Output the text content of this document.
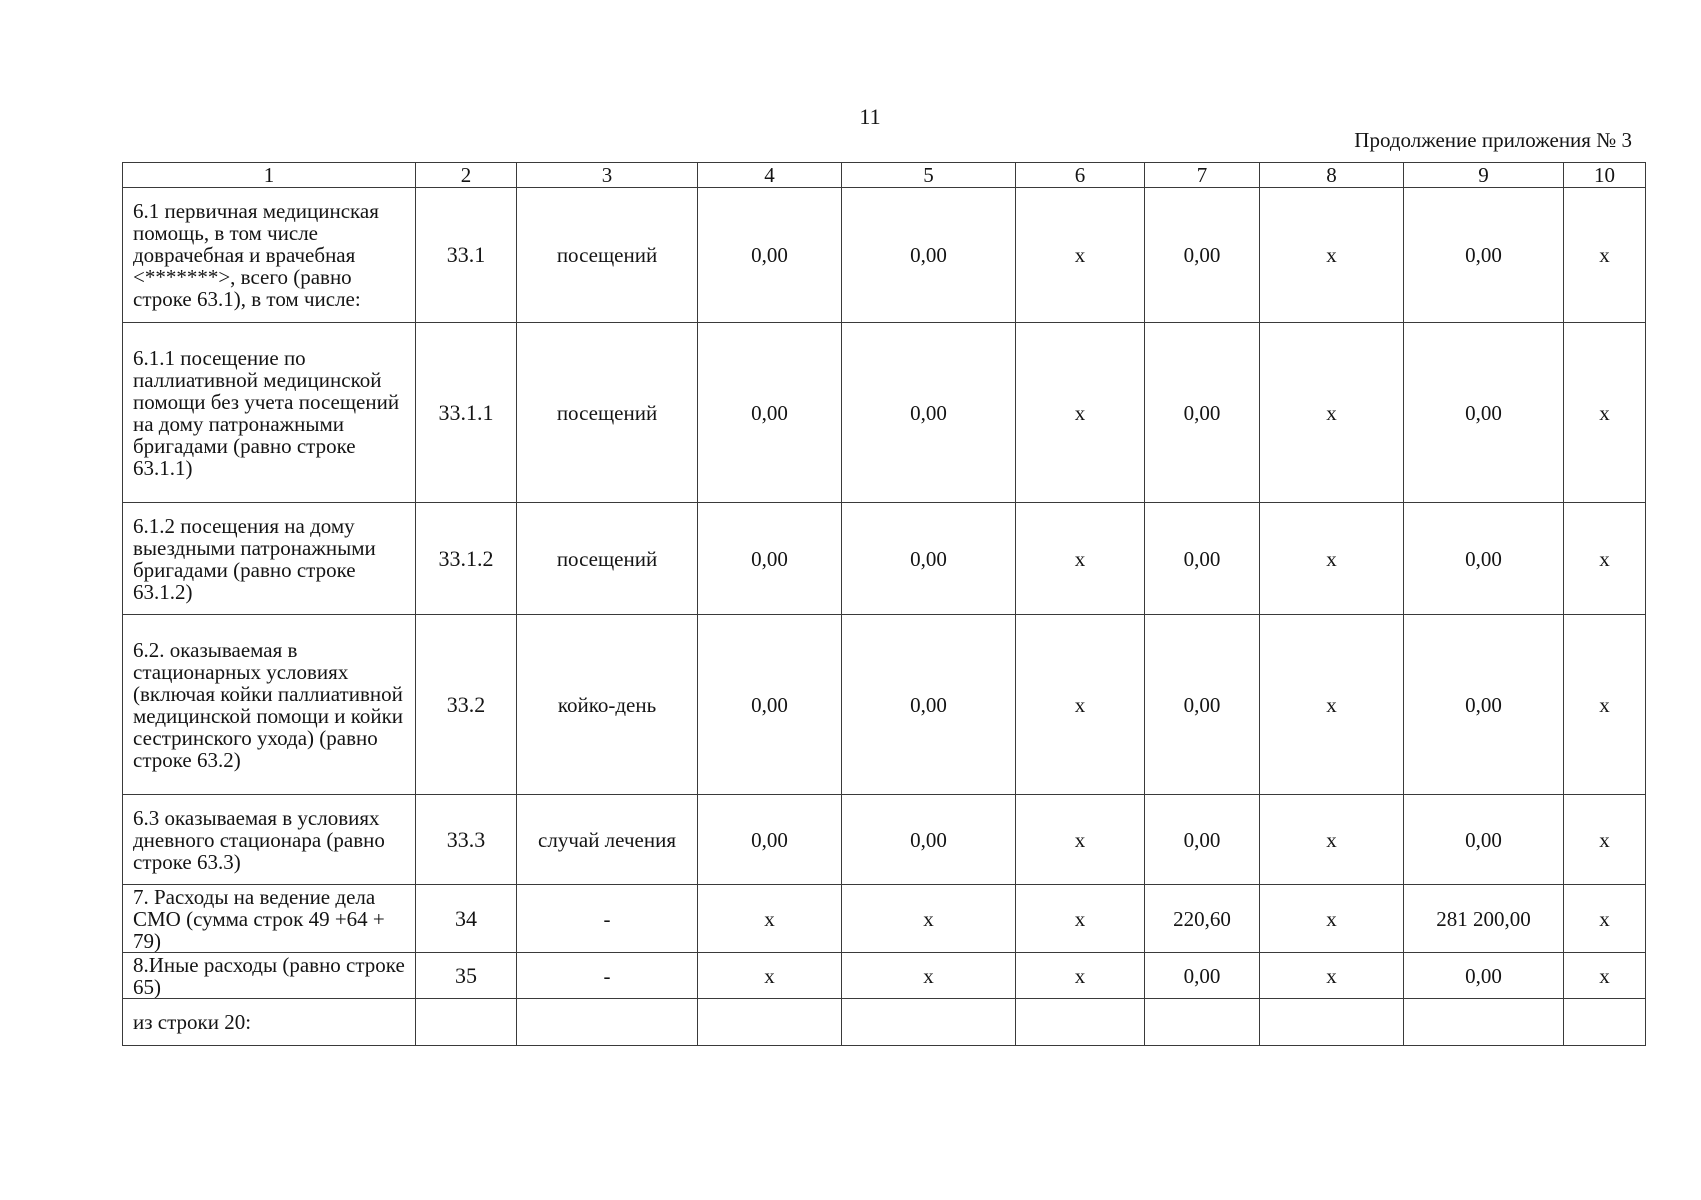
11
Продолжение приложения № 3
1	2	3	4	5	6	7	8	9	10
6.1 первичная медицинская помощь, в том числе доврачебная и врачебная <*******>, всего (равно строке 63.1), в том числе:	33.1	посещений	0,00	0,00	х	0,00	х	0,00	х
6.1.1 посещение по паллиативной медицинской помощи без учета посещений на дому патронажными бригадами (равно строке 63.1.1)	33.1.1	посещений	0,00	0,00	х	0,00	х	0,00	х
6.1.2 посещения на дому выездными патронажными бригадами (равно строке 63.1.2)	33.1.2	посещений	0,00	0,00	х	0,00	х	0,00	х
6.2. оказываемая в стационарных условиях (включая койки паллиативной медицинской помощи и койки сестринского ухода) (равно строке 63.2)	33.2	койко-день	0,00	0,00	х	0,00	х	0,00	х
6.3 оказываемая в условиях дневного стационара (равно строке 63.3)	33.3	случай лечения	0,00	0,00	х	0,00	х	0,00	х
7. Расходы на ведение дела СМО (сумма строк 49 +64 + 79)	34	-	х	х	х	220,60	х	281 200,00	х
8.Иные расходы (равно строке 65)	35	-	х	х	х	0,00	х	0,00	х
из строки 20:									
